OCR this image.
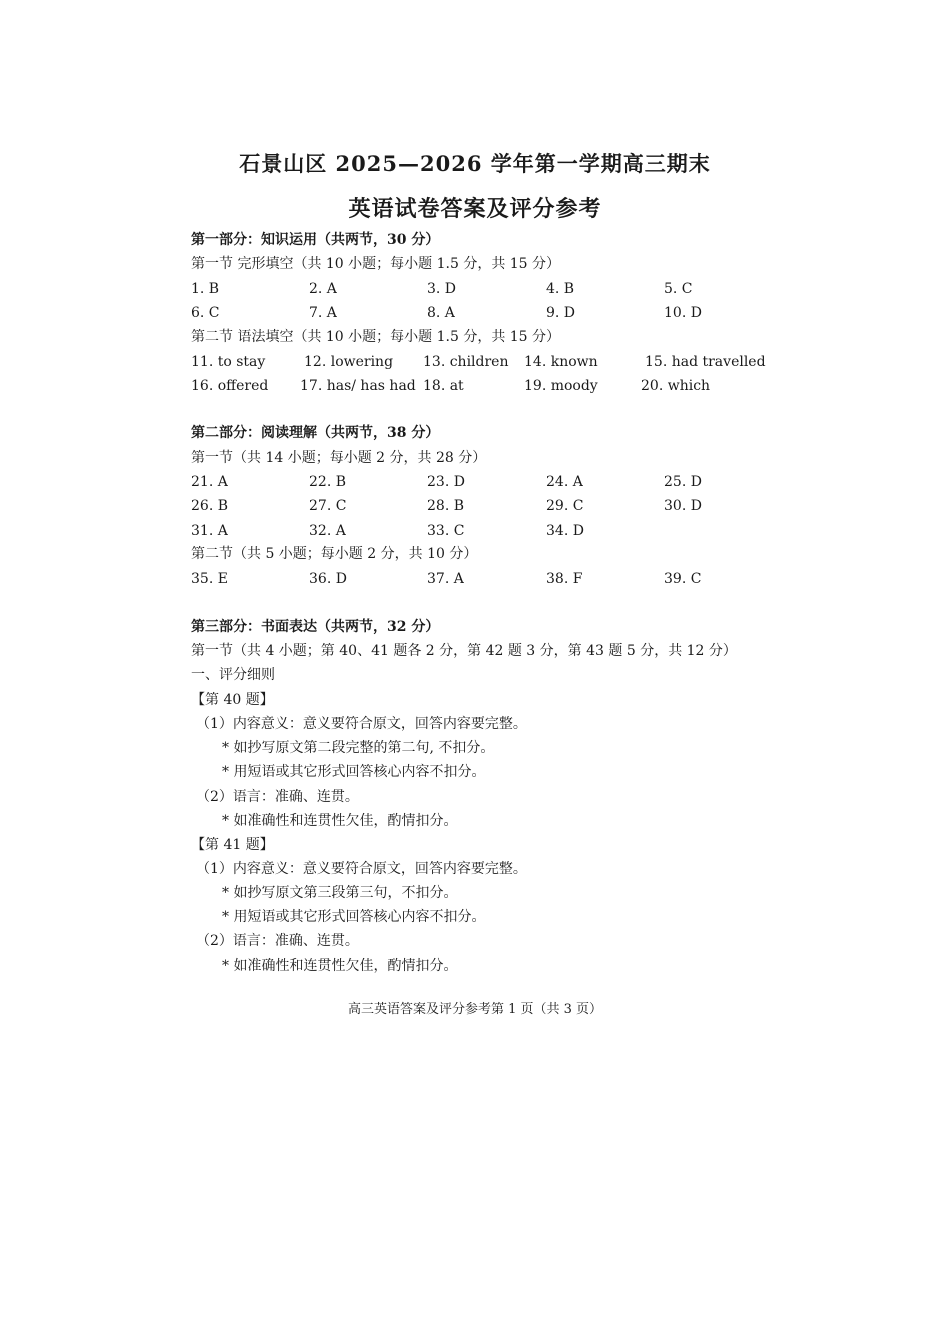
石景山区 2025—2026 学年第一学期高三期末
英语试卷答案及评分参考
第一部分：知识运用（共两节，30 分）
第一节 完形填空（共 10 小题；每小题 1.5 分，共 15 分）
1. B	2. A	3. D	4. B	5. C
6. C	7. A	8. A	9. D	10. D
第二节 语法填空（共 10 小题；每小题 1.5 分，共 15 分）
11. to stay	12. lowering 13. children 14. known	15. had travelled
16. offered 17. has/ has had 18. at	19. moody	20. which
第二部分：阅读理解（共两节，38 分）
第一节（共 14 小题；每小题 2 分，共 28 分）
21. A	22. B	23. D	24. A	25. D
26. B	27. C	28. B	29. C	30. D
31. A	32. A	33. C	34. D
第二节（共 5 小题；每小题 2 分，共 10 分）
35. E	36. D	37. A	38. F	39. C
第三部分：书面表达（共两节，32 分）
第一节（共 4 小题；第 40、41 题各 2 分，第 42 题 3 分，第 43 题 5 分，共 12 分）
一、评分细则
【第 40 题】
（1）内容意义：意义要符合原文，回答内容要完整。
* 如抄写原文第二段完整的第二句, 不扣分。
* 用短语或其它形式回答核心内容不扣分。
（2）语言：准确、连贯。
* 如准确性和连贯性欠佳，酌情扣分。
【第 41 题】
（1）内容意义：意义要符合原文，回答内容要完整。
* 如抄写原文第三段第三句，不扣分。
* 用短语或其它形式回答核心内容不扣分。
（2）语言：准确、连贯。
* 如准确性和连贯性欠佳，酌情扣分。
高三英语答案及评分参考第 1 页（共 3 页）
